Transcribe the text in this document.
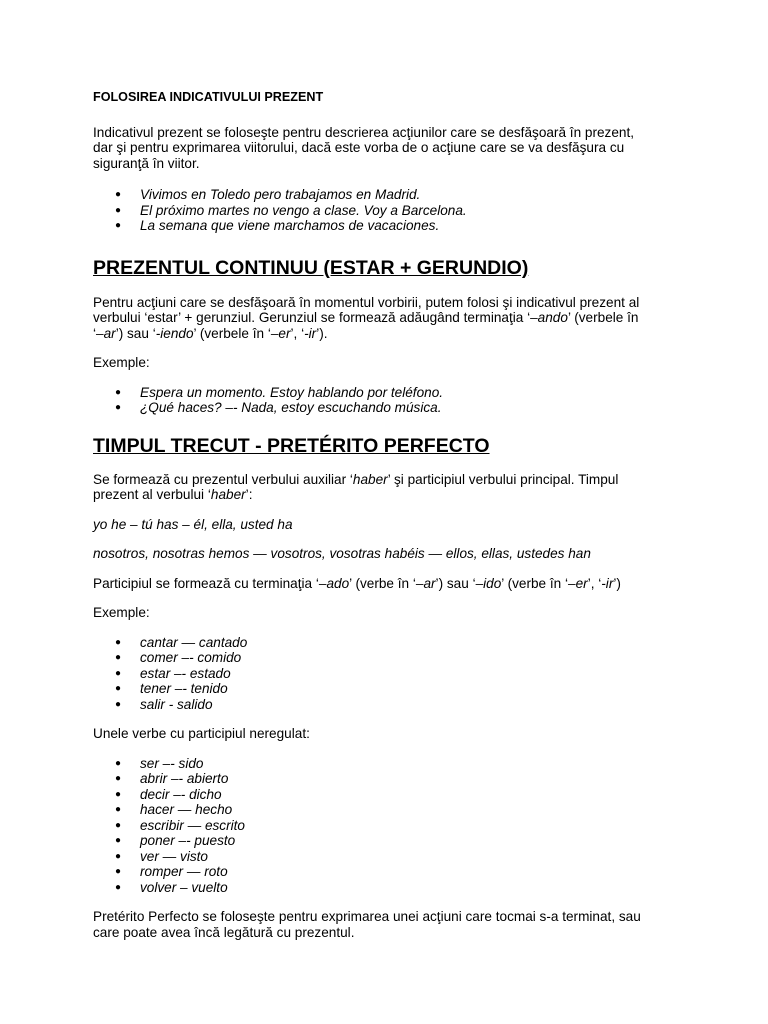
FOLOSIREA INDICATIVULUI PREZENT

Indicativul prezent se foloseşte pentru descrierea acţiunilor care se desfăşoară în prezent,

dar şi pentru exprimarea viitorului, dacă este vorba de o acţiune care se va desfăşura cu

siguranţă în viitor.

● Vivimos en Toledo pero trabajamos en Madrid.
● El próximo martes no vengo a clase. Voy a Barcelona.
● La semana que viene marchamos de vacaciones.

PREZENTUL CONTINUU (ESTAR + GERUNDIO)

Pentru acţiuni care se desfăşoară în momentul vorbirii, putem folosi şi indicativul prezent al

verbului ‘estar’ + gerunziul. Gerunziul se formează adăugând terminaţia ‘–ando’ (verbele în

‘–ar’) sau ‘-iendo’ (verbele în ‘–er’, ‘-ir’).

Exemple:

● Espera un momento. Estoy hablando por teléfono.
● ¿Qué haces? –- Nada, estoy escuchando música.

TIMPUL TRECUT - PRETÉRITO PERFECTO

Se formează cu prezentul verbului auxiliar ‘haber’ şi participiul verbului principal. Timpul

prezent al verbului ‘haber’:

yo he – tú has – él, ella, usted ha

nosotros, nosotras hemos — vosotros, vosotras habéis — ellos, ellas, ustedes han

Participiul se formează cu terminaţia ‘–ado’ (verbe în ‘–ar’) sau ‘–ido’ (verbe în ‘–er’, ‘-ir’)

Exemple:

● cantar — cantado
● comer –- comido
● estar –- estado
● tener –- tenido
● salir - salido

Unele verbe cu participiul neregulat:

● ser –- sido
● abrir –- abierto
● decir –- dicho
● hacer — hecho
● escribir — escrito
● poner –- puesto
● ver — visto
● romper — roto
● volver – vuelto

Pretérito Perfecto se foloseşte pentru exprimarea unei acţiuni care tocmai s-a terminat, sau

care poate avea încă legătură cu prezentul.
